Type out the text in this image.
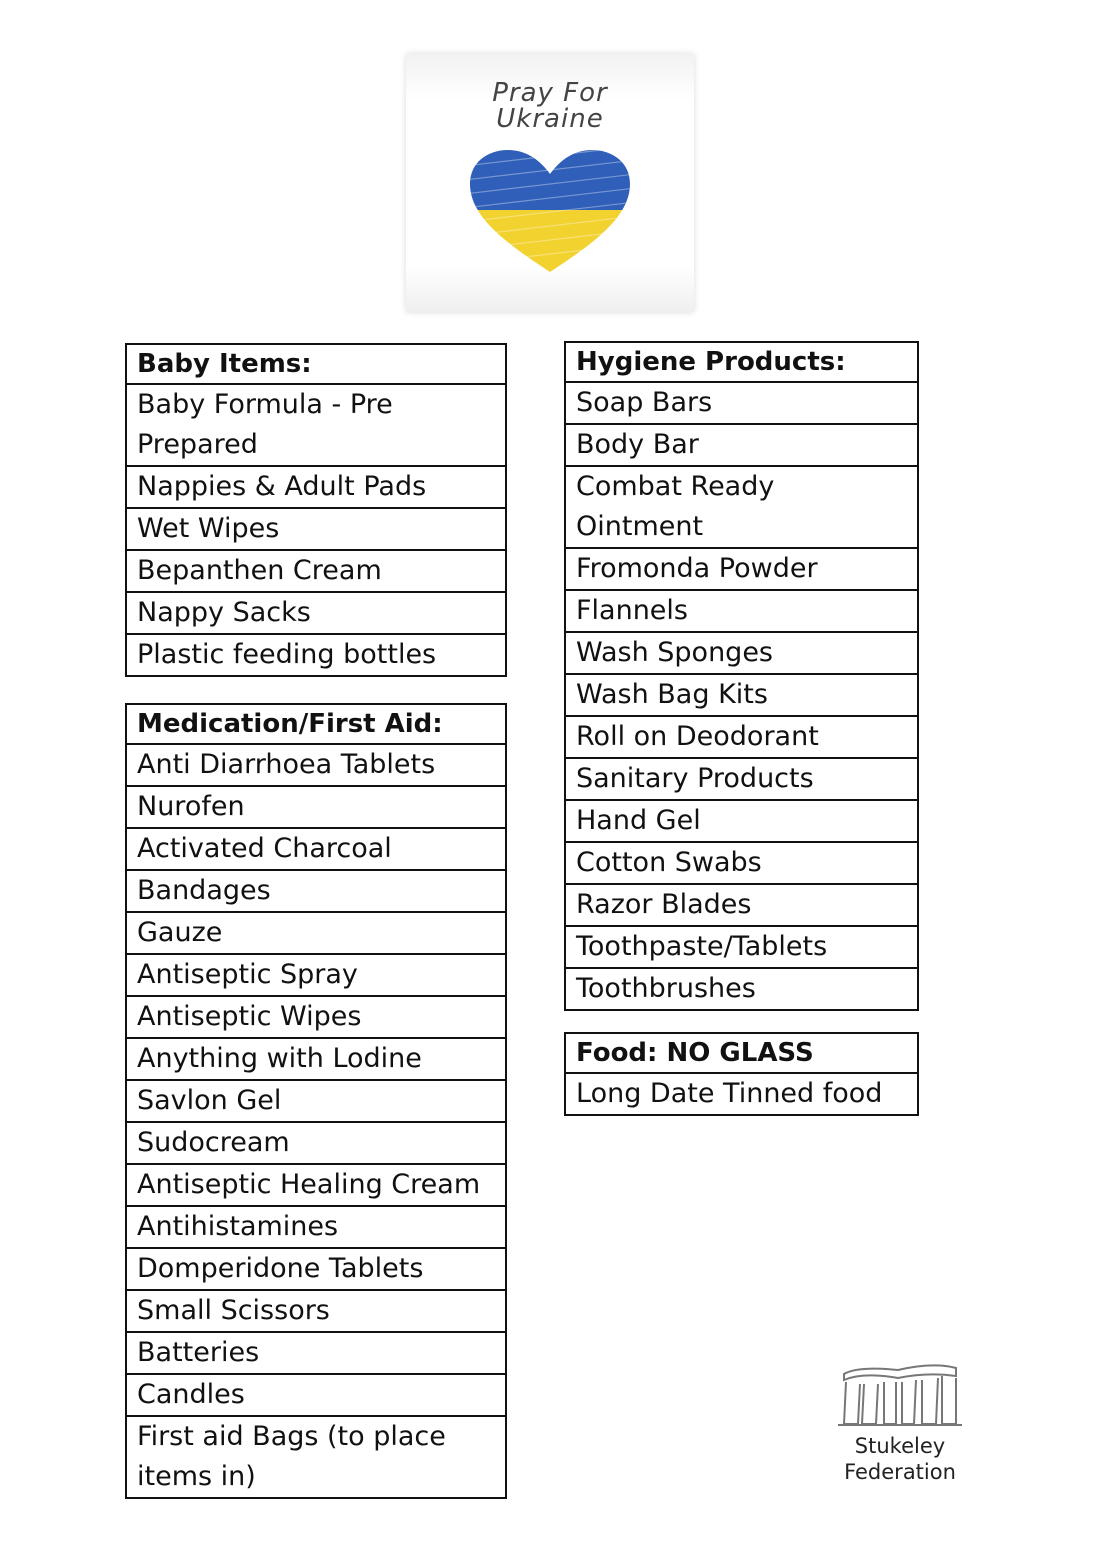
Pray For
Ukraine
Baby Items:
Baby Formula - Pre Prepared
Nappies & Adult Pads
Wet Wipes
Bepanthen Cream
Nappy Sacks
Plastic feeding bottles
Medication/First Aid:
Anti Diarrhoea Tablets
Nurofen
Activated Charcoal
Bandages
Gauze
Antiseptic Spray
Antiseptic Wipes
Anything with Lodine
Savlon Gel
Sudocream
Antiseptic Healing Cream
Antihistamines
Domperidone Tablets
Small Scissors
Batteries
Candles
First aid Bags (to place items in)
Hygiene Products:
Soap Bars
Body Bar
Combat Ready Ointment
Fromonda Powder
Flannels
Wash Sponges
Wash Bag Kits
Roll on Deodorant
Sanitary Products
Hand Gel
Cotton Swabs
Razor Blades
Toothpaste/Tablets
Toothbrushes
Food: NO GLASS
Long Date Tinned food
Stukeley
Federation
